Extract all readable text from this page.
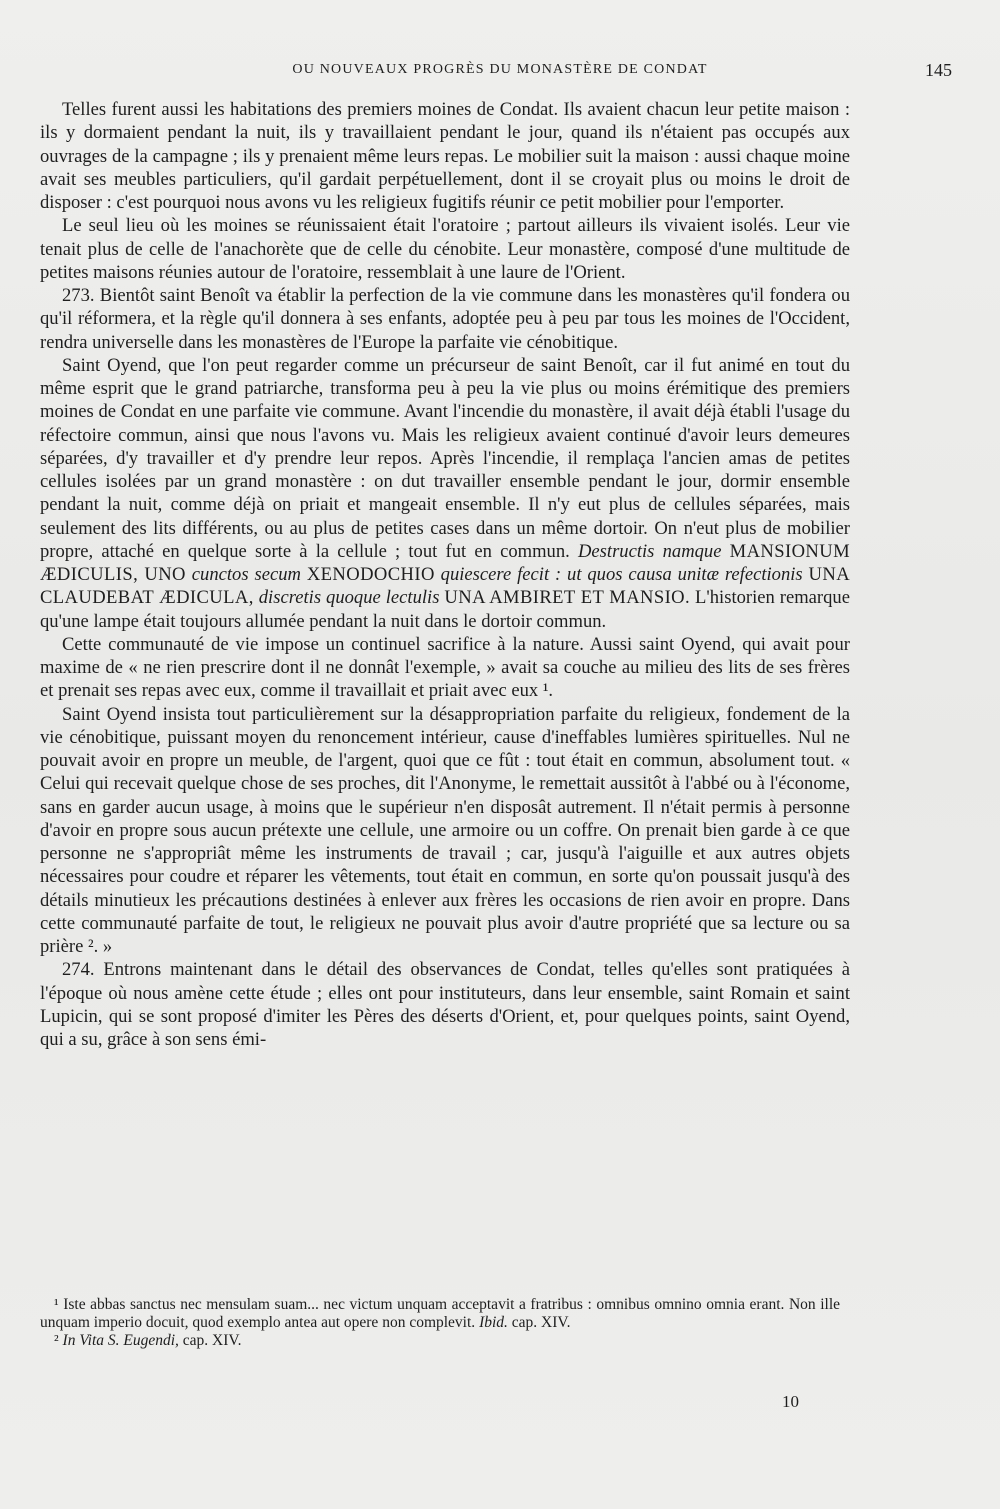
OU NOUVEAUX PROGRÈS DU MONASTÈRE DE CONDAT	145

Telles furent aussi les habitations des premiers moines de Condat. Ils avaient chacun leur petite maison : ils y dormaient pendant la nuit, ils y travaillaient pendant le jour, quand ils n'étaient pas occupés aux ouvrages de la campagne ; ils y prenaient même leurs repas. Le mobilier suit la maison : aussi chaque moine avait ses meubles particuliers, qu'il gardait perpétuellement, dont il se croyait plus ou moins le droit de disposer : c'est pourquoi nous avons vu les religieux fugitifs réunir ce petit mobilier pour l'emporter.

Le seul lieu où les moines se réunissaient était l'oratoire ; partout ailleurs ils vivaient isolés. Leur vie tenait plus de celle de l'anachorète que de celle du cénobite. Leur monastère, composé d'une multitude de petites maisons réunies autour de l'oratoire, ressemblait à une laure de l'Orient.

273. Bientôt saint Benoît va établir la perfection de la vie commune dans les monastères qu'il fondera ou qu'il réformera, et la règle qu'il donnera à ses enfants, adoptée peu à peu par tous les moines de l'Occident, rendra universelle dans les monastères de l'Europe la parfaite vie cénobitique.

Saint Oyend, que l'on peut regarder comme un précurseur de saint Benoît, car il fut animé en tout du même esprit que le grand patriarche, transforma peu à peu la vie plus ou moins érémitique des premiers moines de Condat en une parfaite vie commune. Avant l'incendie du monastère, il avait déjà établi l'usage du réfectoire commun, ainsi que nous l'avons vu. Mais les religieux avaient continué d'avoir leurs demeures séparées, d'y travailler et d'y prendre leur repos. Après l'incendie, il remplaça l'ancien amas de petites cellules isolées par un grand monastère : on dut travailler ensemble pendant le jour, dormir ensemble pendant la nuit, comme déjà on priait et mangeait ensemble. Il n'y eut plus de cellules séparées, mais seulement des lits différents, ou au plus de petites cases dans un même dortoir. On n'eut plus de mobilier propre, attaché en quelque sorte à la cellule ; tout fut en commun. Destructis namque MANSIONUM ÆDICULIS, UNO cunctos secum XENODOCHIO quiescere fecit : ut quos causa unitæ refectionis UNA CLAUDEBAT ÆDICULA, discretis quoque lectulis UNA AMBIRET ET MANSIO. L'historien remarque qu'une lampe était toujours allumée pendant la nuit dans le dortoir commun.

Cette communauté de vie impose un continuel sacrifice à la nature. Aussi saint Oyend, qui avait pour maxime de « ne rien prescrire dont il ne donnât l'exemple, » avait sa couche au milieu des lits de ses frères et prenait ses repas avec eux, comme il travaillait et priait avec eux ¹.

Saint Oyend insista tout particulièrement sur la désappropriation parfaite du religieux, fondement de la vie cénobitique, puissant moyen du renoncement intérieur, cause d'ineffables lumières spirituelles. Nul ne pouvait avoir en propre un meuble, de l'argent, quoi que ce fût : tout était en commun, absolument tout. « Celui qui recevait quelque chose de ses proches, dit l'Anonyme, le remettait aussitôt à l'abbé ou à l'économe, sans en garder aucun usage, à moins que le supérieur n'en disposât autrement. Il n'était permis à personne d'avoir en propre sous aucun prétexte une cellule, une armoire ou un coffre. On prenait bien garde à ce que personne ne s'appropriât même les instruments de travail ; car, jusqu'à l'aiguille et aux autres objets nécessaires pour coudre et réparer les vêtements, tout était en commun, en sorte qu'on poussait jusqu'à des détails minutieux les précautions destinées à enlever aux frères les occasions de rien avoir en propre. Dans cette communauté parfaite de tout, le religieux ne pouvait plus avoir d'autre propriété que sa lecture ou sa prière ². »

274. Entrons maintenant dans le détail des observances de Condat, telles qu'elles sont pratiquées à l'époque où nous amène cette étude ; elles ont pour instituteurs, dans leur ensemble, saint Romain et saint Lupicin, qui se sont proposé d'imiter les Pères des déserts d'Orient, et, pour quelques points, saint Oyend, qui a su, grâce à son sens émi-

¹ Iste abbas sanctus nec mensulam suam... nec victum unquam acceptavit a fratribus : omnibus omnino omnia erant. Non ille unquam imperio docuit, quod exemplo antea aut opere non complevit. Ibid. cap. XIV.

² In Vita S. Eugendi, cap. XIV.

10
